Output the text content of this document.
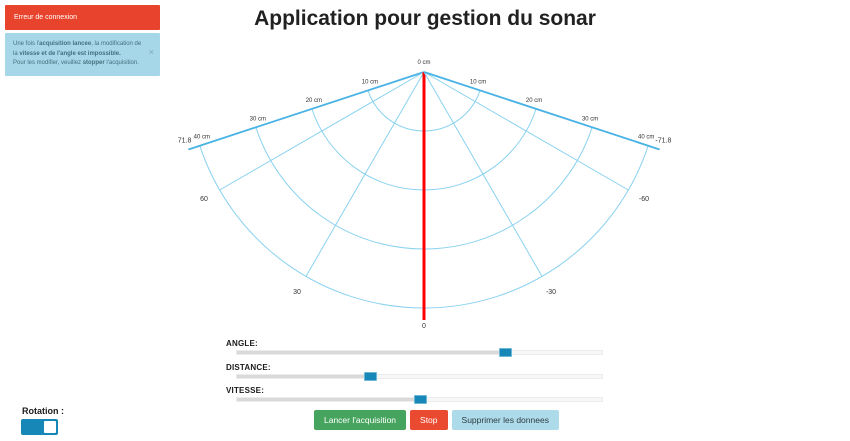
Erreur de connexion
Une fois l'acquisition lancee, la modification de la vitesse et de l'angle est impossible.
Pour les modifier, veuillez stopper l'acquisition.
×
Application pour gestion du sonar
10 cm	10 cm
20 cm	20 cm
30 cm	30 cm
40 cm	40 cm
71.8
60
30
0
-30
-60
-71.8
0 cm
ANGLE:
DISTANCE:
VITESSE:
Rotation :
Lancer l'acquisition	Stop	Supprimer les donnees
